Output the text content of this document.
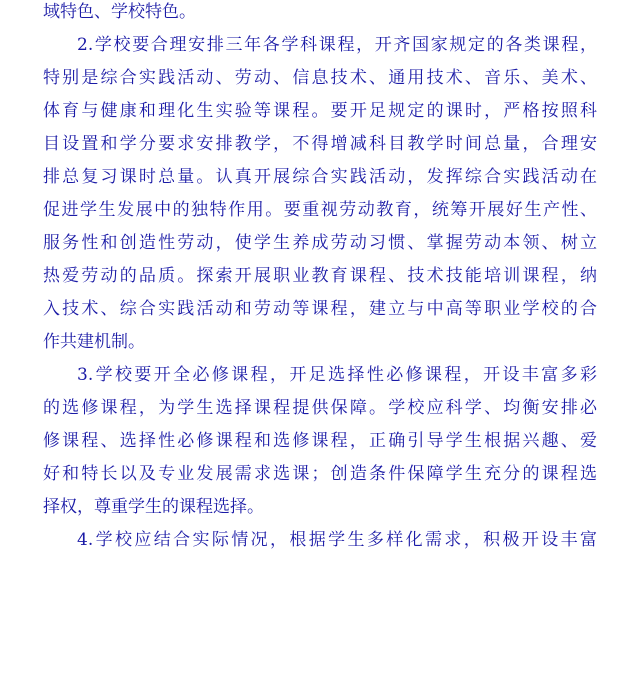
域特色、学校特色。
2.学校要合理安排三年各学科课程，开齐国家规定的各类课程，
特别是综合实践活动、劳动、信息技术、通用技术、音乐、美术、
体育与健康和理化生实验等课程。要开足规定的课时，严格按照科
目设置和学分要求安排教学，不得增减科目教学时间总量，合理安
排总复习课时总量。认真开展综合实践活动，发挥综合实践活动在
促进学生发展中的独特作用。要重视劳动教育，统筹开展好生产性、
服务性和创造性劳动，使学生养成劳动习惯、掌握劳动本领、树立
热爱劳动的品质。探索开展职业教育课程、技术技能培训课程，纳
入技术、综合实践活动和劳动等课程，建立与中高等职业学校的合
作共建机制。
3.学校要开全必修课程，开足选择性必修课程，开设丰富多彩
的选修课程，为学生选择课程提供保障。学校应科学、均衡安排必
修课程、选择性必修课程和选修课程，正确引导学生根据兴趣、爱
好和特长以及专业发展需求选课；创造条件保障学生充分的课程选
择权，尊重学生的课程选择。
4.学校应结合实际情况，根据学生多样化需求，积极开设丰富
